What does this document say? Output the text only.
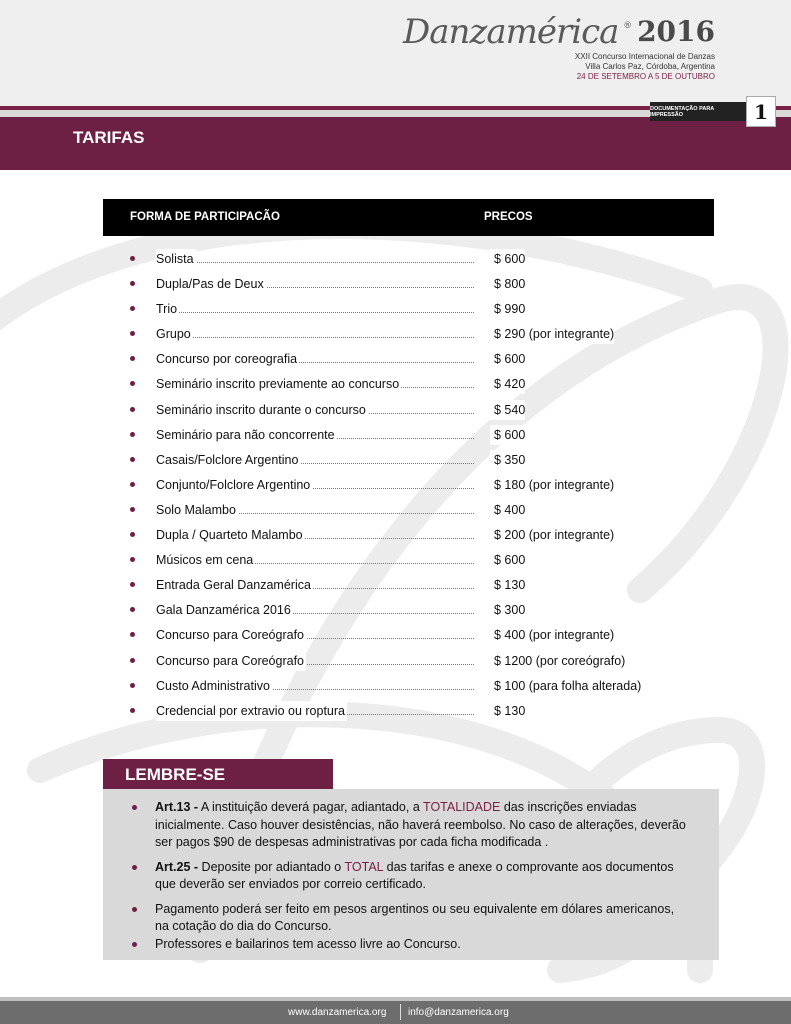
Danzamérica ® 2016
XXII Concurso Internacional de Danzas
Villa Carlos Paz, Córdoba, Argentina
24 DE SETEMBRO A 5 DE OUTUBRO
DOCUMENTAÇÃO PARA IMPRESSÃO	1
TARIFAS
FORMA DE PARTICIPACÃO	PRECOS
Solista	$ 600
Dupla/Pas de Deux	$ 800
Trio	$ 990
Grupo	$ 290 (por integrante)
Concurso por coreografia	$ 600
Seminário inscrito previamente ao concurso	$ 420
Seminário inscrito durante o concurso	$ 540
Seminário para não concorrente	$ 600
Casais/Folclore Argentino	$ 350
Conjunto/Folclore Argentino	$ 180 (por integrante)
Solo Malambo	$ 400
Dupla / Quarteto Malambo	$ 200 (por integrante)
Músicos em cena	$ 600
Entrada Geral Danzamérica	$ 130
Gala Danzamérica 2016	$ 300
Concurso para Coreógrafo	$ 400 (por integrante)
Concurso para Coreógrafo	$ 1200 (por coreógrafo)
Custo Administrativo	$ 100 (para folha alterada)
Credencial por extravio ou roptura	$ 130
LEMBRE-SE
Art.13 - A instituição deverá pagar, adiantado, a TOTALIDADE das inscrições enviadas inicialmente. Caso houver desistências, não haverá reembolso. No caso de alterações, deverão ser pagos $90 de despesas administrativas por cada ficha modificada .
Art.25 - Deposite por adiantado o TOTAL das tarifas e anexe o comprovante aos documentos que deverão ser enviados por correio certificado.
Pagamento poderá ser feito em pesos argentinos ou seu equivalente em dólares americanos, na cotação do dia do Concurso.
Professores e bailarinos tem acesso livre ao Concurso.
www.danzamerica.org info@danzamerica.org
